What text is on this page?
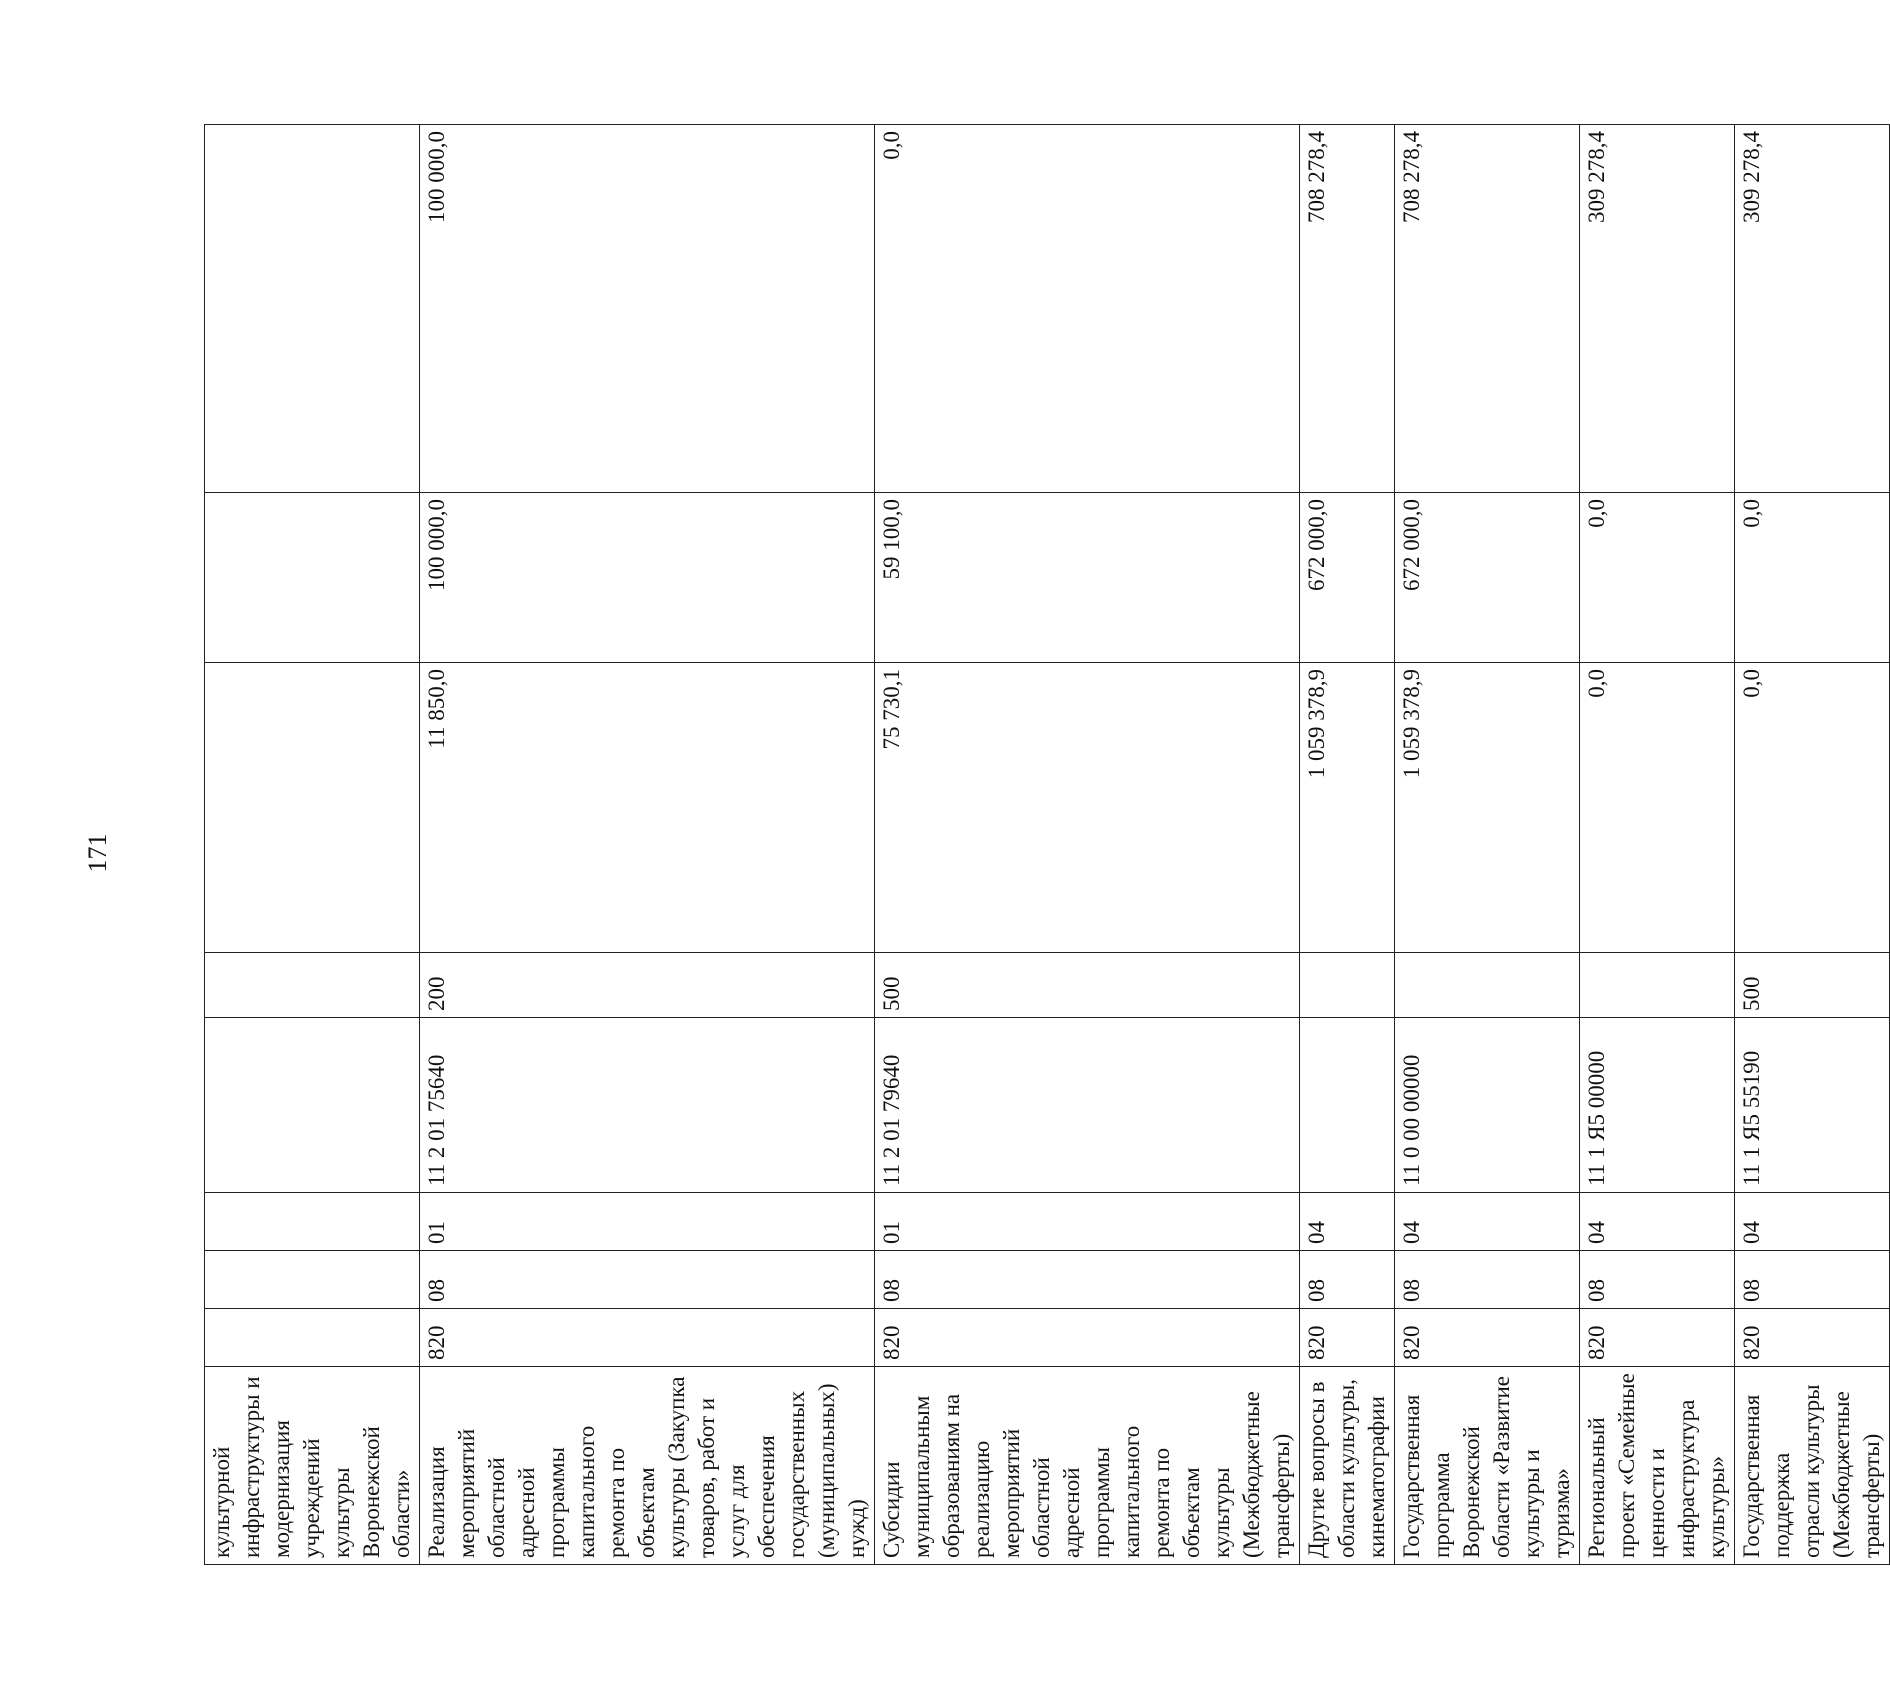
171
культурной инфраструктуры и модернизация учреждений культуры Воронежской области»								
Реализация мероприятий областной адресной программы капитального ремонта по объектам культуры (Закупка товаров, работ и услуг для обеспечения государственных (муниципальных) нужд)	820	08	01	11 2 01 75640	200	11 850,0	100 000,0	100 000,0
Субсидии муниципальным образованиям на реализацию мероприятий областной адресной программы капитального ремонта по объектам культуры (Межбюджетные трансферты)	820	08	01	11 2 01 79640	500	75 730,1	59 100,0	0,0
Другие вопросы в области культуры, кинематографии	820	08	04			1 059 378,9	672 000,0	708 278,4
Государственная программа Воронежской области «Развитие культуры и туризма»	820	08	04	11 0 00 00000		1 059 378,9	672 000,0	708 278,4
Региональный проект «Семейные ценности и инфраструктура культуры»	820	08	04	11 1 Я5 00000		0,0	0,0	309 278,4
Государственная поддержка отрасли культуры (Межбюджетные трансферты)	820	08	04	11 1 Я5 55190	500	0,0	0,0	309 278,4
